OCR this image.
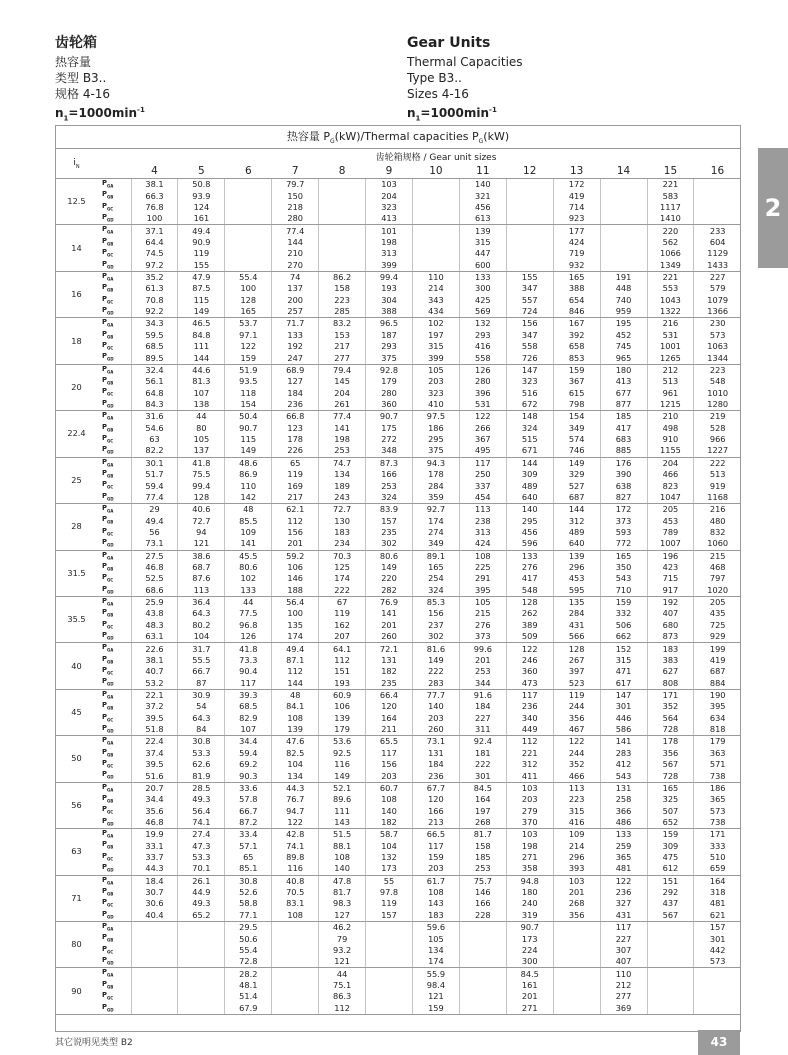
齿轮箱
热容量
类型 B3..
规格 4-16
$n_1=1000\min^{-1}$
Gear Units
Thermal Capacities
Type B3..
Sizes 4-16
$n_1=1000\min^{-1}$
热容量 $P_G(kW)$/Thermal capacities $P_G(kW)$														
$i_N$		齿轮箱规格 / Gear unit sizes												
		4	5	6	7	8	9	10	11	12	13	14	15	16
12.5	$P_{GA}$	38.1	50.8		79.7		103		140		172		221	
	$P_{GB}$	66.3	93.9		150		204		321		419		583	
	$P_{GC}$	76.8	124		218		323		456		714		1117	
	$P_{GD}$	100	161		280		413		613		923		1410	
14	$P_{GA}$	37.1	49.4		77.4		101		139		177		220	233
	$P_{GB}$	64.4	90.9		144		198		315		424		562	604
	$P_{GC}$	74.5	119		210		313		447		719		1066	1129
	$P_{GD}$	97.2	155		270		399		600		932		1349	1433
16	$P_{GA}$	35.2	47.9	55.4	74	86.2	99.4	110	133	155	165	191	221	227
	$P_{GB}$	61.3	87.5	100	137	158	193	214	300	347	388	448	553	579
	$P_{GC}$	70.8	115	128	200	223	304	343	425	557	654	740	1043	1079
	$P_{GD}$	92.2	149	165	257	285	388	434	569	724	846	959	1322	1366
18	$P_{GA}$	34.3	46.5	53.7	71.7	83.2	96.5	102	132	156	167	195	216	230
	$P_{GB}$	59.5	84.8	97.1	133	153	187	197	293	347	392	452	531	573
	$P_{GC}$	68.5	111	122	192	217	293	315	416	558	658	745	1001	1063
	$P_{GD}$	89.5	144	159	247	277	375	399	558	726	853	965	1265	1344
20	$P_{GA}$	32.4	44.6	51.9	68.9	79.4	92.8	105	126	147	159	180	212	223
	$P_{GB}$	56.1	81.3	93.5	127	145	179	203	280	323	367	413	513	548
	$P_{GC}$	64.8	107	118	184	204	280	323	396	516	615	677	961	1010
	$P_{GD}$	84.3	138	154	236	261	360	410	531	672	798	877	1215	1280
22.4	$P_{GA}$	31.6	44	50.4	66.8	77.4	90.7	97.5	122	148	154	185	210	219
	$P_{GB}$	54.6	80	90.7	123	141	175	186	266	324	349	417	498	528
	$P_{GC}$	63	105	115	178	198	272	295	367	515	574	683	910	966
	$P_{GD}$	82.2	137	149	226	253	348	375	495	671	746	885	1155	1227
25	$P_{GA}$	30.1	41.8	48.6	65	74.7	87.3	94.3	117	144	149	176	204	222
	$P_{GB}$	51.7	75.5	86.9	119	134	166	178	250	309	329	390	466	513
	$P_{GC}$	59.4	99.4	110	169	189	253	284	337	489	527	638	823	919
	$P_{GD}$	77.4	128	142	217	243	324	359	454	640	687	827	1047	1168
28	$P_{GA}$	29	40.6	48	62.1	72.7	83.9	92.7	113	140	144	172	205	216
	$P_{GB}$	49.4	72.7	85.5	112	130	157	174	238	295	312	373	453	480
	$P_{GC}$	56	94	109	156	183	235	274	313	456	489	593	789	832
	$P_{GD}$	73.1	121	141	201	234	302	349	424	596	640	772	1007	1060
31.5	$P_{GA}$	27.5	38.6	45.5	59.2	70.3	80.6	89.1	108	133	139	165	196	215
	$P_{GB}$	46.8	68.7	80.6	106	125	149	165	225	276	296	350	423	468
	$P_{GC}$	52.5	87.6	102	146	174	220	254	291	417	453	543	715	797
	$P_{GD}$	68.6	113	133	188	222	282	324	395	548	595	710	917	1020
35.5	$P_{GA}$	25.9	36.4	44	56.4	67	76.9	85.3	105	128	135	159	192	205
	$P_{GB}$	43.8	64.3	77.5	100	119	141	156	215	262	284	332	407	435
	$P_{GC}$	48.3	80.2	96.8	135	162	201	237	276	389	431	506	680	725
	$P_{GD}$	63.1	104	126	174	207	260	302	373	509	566	662	873	929
40	$P_{GA}$	22.6	31.7	41.8	49.4	64.1	72.1	81.6	99.6	122	128	152	183	199
	$P_{GB}$	38.1	55.5	73.3	87.1	112	131	149	201	246	267	315	383	419
	$P_{GC}$	40.7	66.7	90.4	112	151	182	222	253	360	397	471	627	687
	$P_{GD}$	53.2	87	117	144	193	235	283	344	473	523	617	808	884
45	$P_{GA}$	22.1	30.9	39.3	48	60.9	66.4	77.7	91.6	117	119	147	171	190
	$P_{GB}$	37.2	54	68.5	84.1	106	120	140	184	236	244	301	352	395
	$P_{GC}$	39.5	64.3	82.9	108	139	164	203	227	340	356	446	564	634
	$P_{GD}$	51.8	84	107	139	179	211	260	311	449	467	586	728	818
50	$P_{GA}$	22.4	30.8	34.4	47.6	53.6	65.5	73.1	92.4	112	122	141	178	179
	$P_{GB}$	37.4	53.3	59.4	82.5	92.5	117	131	181	221	244	283	356	363
	$P_{GC}$	39.5	62.6	69.2	104	116	156	184	222	312	352	412	567	571
	$P_{GD}$	51.6	81.9	90.3	134	149	203	236	301	411	466	543	728	738
56	$P_{GA}$	20.7	28.5	33.6	44.3	52.1	60.7	67.7	84.5	103	113	131	165	186
	$P_{GB}$	34.4	49.3	57.8	76.7	89.6	108	120	164	203	223	258	325	365
	$P_{GC}$	35.6	56.4	66.7	94.7	111	140	166	197	279	315	366	507	573
	$P_{GD}$	46.8	74.1	87.2	122	143	182	213	268	370	416	486	652	738
63	$P_{GA}$	19.9	27.4	33.4	42.8	51.5	58.7	66.5	81.7	103	109	133	159	171
	$P_{GB}$	33.1	47.3	57.1	74.1	88.1	104	117	158	198	214	259	309	333
	$P_{GC}$	33.7	53.3	65	89.8	108	132	159	185	271	296	365	475	510
	$P_{GD}$	44.3	70.1	85.1	116	140	173	203	253	358	393	481	612	659
71	$P_{GA}$	18.4	26.1	30.8	40.8	47.8	55	61.7	75.7	94.8	103	122	151	164
	$P_{GB}$	30.7	44.9	52.6	70.5	81.7	97.8	108	146	180	201	236	292	318
	$P_{GC}$	30.6	49.3	58.8	83.1	98.3	119	143	166	240	268	327	437	481
	$P_{GD}$	40.4	65.2	77.1	108	127	157	183	228	319	356	431	567	621
80	$P_{GA}$			29.5		46.2		59.6		90.7		117		157
	$P_{GB}$			50.6		79		105		173		227		301
	$P_{GC}$			55.4		93.2		134		224		307		442
	$P_{GD}$			72.8		121		174		300		407		573
90	$P_{GA}$			28.2		44		55.9		84.5		110		
	$P_{GB}$			48.1		75.1		98.4		161		212		
	$P_{GC}$			51.4		86.3		121		201		277		
	$P_{GD}$			67.9		112		159		271		369		
其它说明见类型 B2
2
43
